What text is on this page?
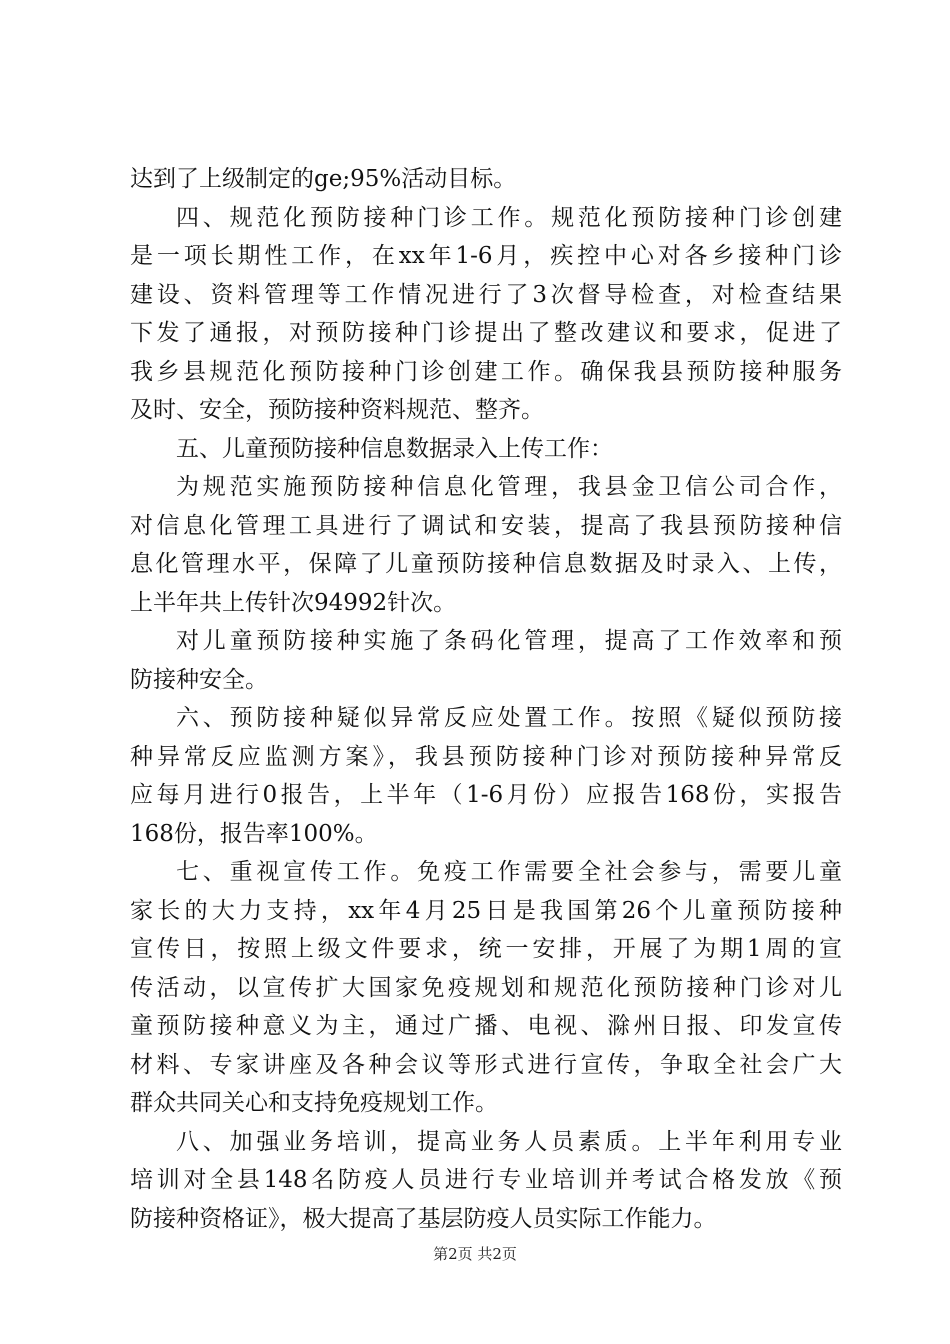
达到了上级制定的ge;95%活动目标。
四、规范化预防接种门诊工作。规范化预防接种门诊创建
是一项长期性工作，在xx年1-6月，疾控中心对各乡接种门诊
建设、资料管理等工作情况进行了3次督导检查，对检查结果
下发了通报，对预防接种门诊提出了整改建议和要求，促进了
我乡县规范化预防接种门诊创建工作。确保我县预防接种服务
及时、安全，预防接种资料规范、整齐。
五、儿童预防接种信息数据录入上传工作：
为规范实施预防接种信息化管理，我县金卫信公司合作，
对信息化管理工具进行了调试和安装，提高了我县预防接种信
息化管理水平，保障了儿童预防接种信息数据及时录入、上传，
上半年共上传针次94992针次。
对儿童预防接种实施了条码化管理，提高了工作效率和预
防接种安全。
六、预防接种疑似异常反应处置工作。按照《疑似预防接
种异常反应监测方案》，我县预防接种门诊对预防接种异常反
应每月进行0报告，上半年（1-6月份）应报告168份，实报告
168份，报告率100%。
七、重视宣传工作。免疫工作需要全社会参与，需要儿童
家长的大力支持，xx年4月25日是我国第26个儿童预防接种
宣传日，按照上级文件要求，统一安排，开展了为期1周的宣
传活动，以宣传扩大国家免疫规划和规范化预防接种门诊对儿
童预防接种意义为主，通过广播、电视、滁州日报、印发宣传
材料、专家讲座及各种会议等形式进行宣传，争取全社会广大
群众共同关心和支持免疫规划工作。
八、加强业务培训，提高业务人员素质。上半年利用专业
培训对全县148名防疫人员进行专业培训并考试合格发放《预
防接种资格证》，极大提高了基层防疫人员实际工作能力。
第2页 共2页
